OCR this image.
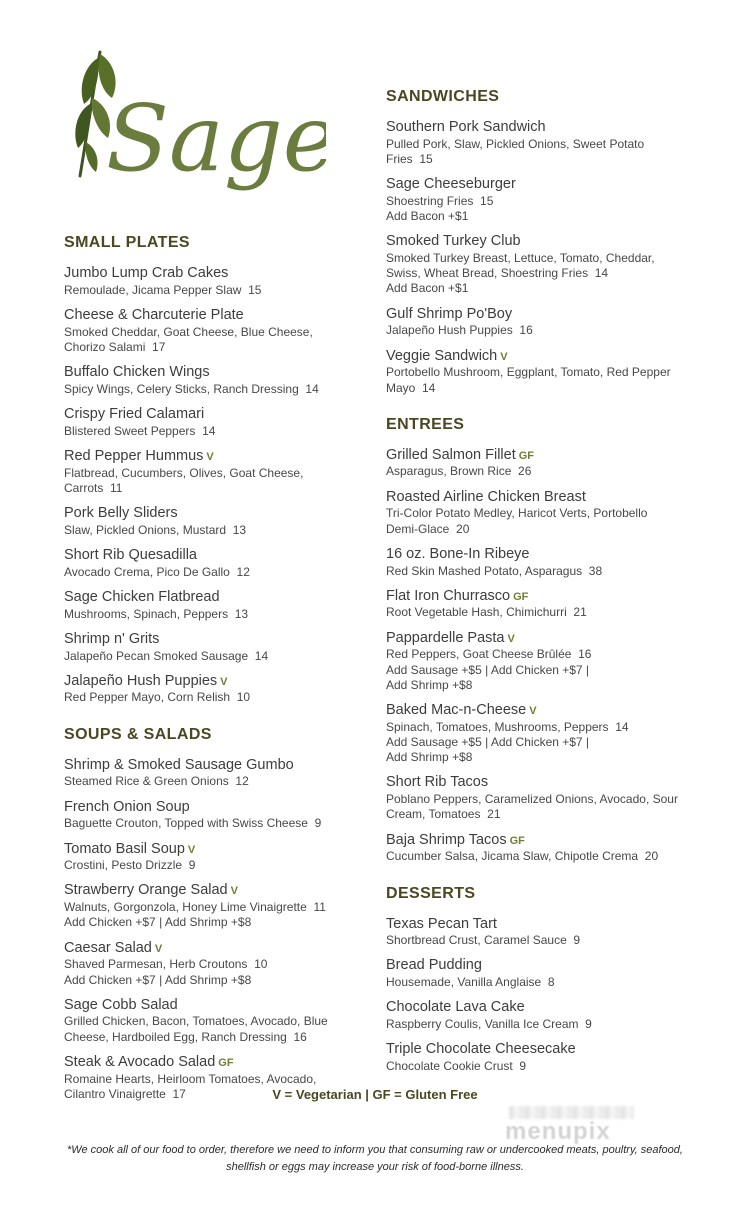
Sage
SMALL PLATES
Jumbo Lump Crab Cakes
Remoulade, Jicama Pepper Slaw  15
Cheese & Charcuterie Plate
Smoked Cheddar, Goat Cheese, Blue Cheese, Chorizo Salami  17
Buffalo Chicken Wings
Spicy Wings, Celery Sticks, Ranch Dressing  14
Crispy Fried Calamari
Blistered Sweet Peppers  14
Red Pepper Hummus V
Flatbread, Cucumbers, Olives, Goat Cheese, Carrots  11
Pork Belly Sliders
Slaw, Pickled Onions, Mustard  13
Short Rib Quesadilla
Avocado Crema, Pico De Gallo  12
Sage Chicken Flatbread
Mushrooms, Spinach, Peppers  13
Shrimp n' Grits
Jalapeño Pecan Smoked Sausage  14
Jalapeño Hush Puppies V
Red Pepper Mayo, Corn Relish  10
SOUPS & SALADS
Shrimp & Smoked Sausage Gumbo
Steamed Rice & Green Onions  12
French Onion Soup
Baguette Crouton, Topped with Swiss Cheese  9
Tomato Basil Soup V
Crostini, Pesto Drizzle  9
Strawberry Orange Salad V
Walnuts, Gorgonzola, Honey Lime Vinaigrette  11
Add Chicken +$7 | Add Shrimp +$8
Caesar Salad V
Shaved Parmesan, Herb Croutons  10
Add Chicken +$7 | Add Shrimp +$8
Sage Cobb Salad
Grilled Chicken, Bacon, Tomatoes, Avocado, Blue Cheese, Hardboiled Egg, Ranch Dressing  16
Steak & Avocado Salad GF
Romaine Hearts, Heirloom Tomatoes, Avocado, Cilantro Vinaigrette  17
SANDWICHES
Southern Pork Sandwich
Pulled Pork, Slaw, Pickled Onions, Sweet Potato Fries  15
Sage Cheeseburger
Shoestring Fries  15
Add Bacon +$1
Smoked Turkey Club
Smoked Turkey Breast, Lettuce, Tomato, Cheddar, Swiss, Wheat Bread, Shoestring Fries  14
Add Bacon +$1
Gulf Shrimp Po'Boy
Jalapeño Hush Puppies  16
Veggie Sandwich V
Portobello Mushroom, Eggplant, Tomato, Red Pepper Mayo  14
ENTREES
Grilled Salmon Fillet GF
Asparagus, Brown Rice  26
Roasted Airline Chicken Breast
Tri-Color Potato Medley, Haricot Verts, Portobello Demi-Glace  20
16 oz. Bone-In Ribeye
Red Skin Mashed Potato, Asparagus  38
Flat Iron Churrasco GF
Root Vegetable Hash, Chimichurri  21
Pappardelle Pasta V
Red Peppers, Goat Cheese Brûlée  16
Add Sausage +$5 | Add Chicken +$7 |
Add Shrimp +$8
Baked Mac-n-Cheese V
Spinach, Tomatoes, Mushrooms, Peppers  14
Add Sausage +$5 | Add Chicken +$7 |
Add Shrimp +$8
Short Rib Tacos
Poblano Peppers, Caramelized Onions, Avocado, Sour Cream, Tomatoes  21
Baja Shrimp Tacos GF
Cucumber Salsa, Jicama Slaw, Chipotle Crema  20
DESSERTS
Texas Pecan Tart
Shortbread Crust, Caramel Sauce  9
Bread Pudding
Housemade, Vanilla Anglaise  8
Chocolate Lava Cake
Raspberry Coulis, Vanilla Ice Cream  9
Triple Chocolate Cheesecake
Chocolate Cookie Crust  9
V = Vegetarian | GF = Gluten Free
menupix
*We cook all of our food to order, therefore we need to inform you that consuming raw or undercooked meats, poultry, seafood,
shellfish or eggs may increase your risk of food-borne illness.
